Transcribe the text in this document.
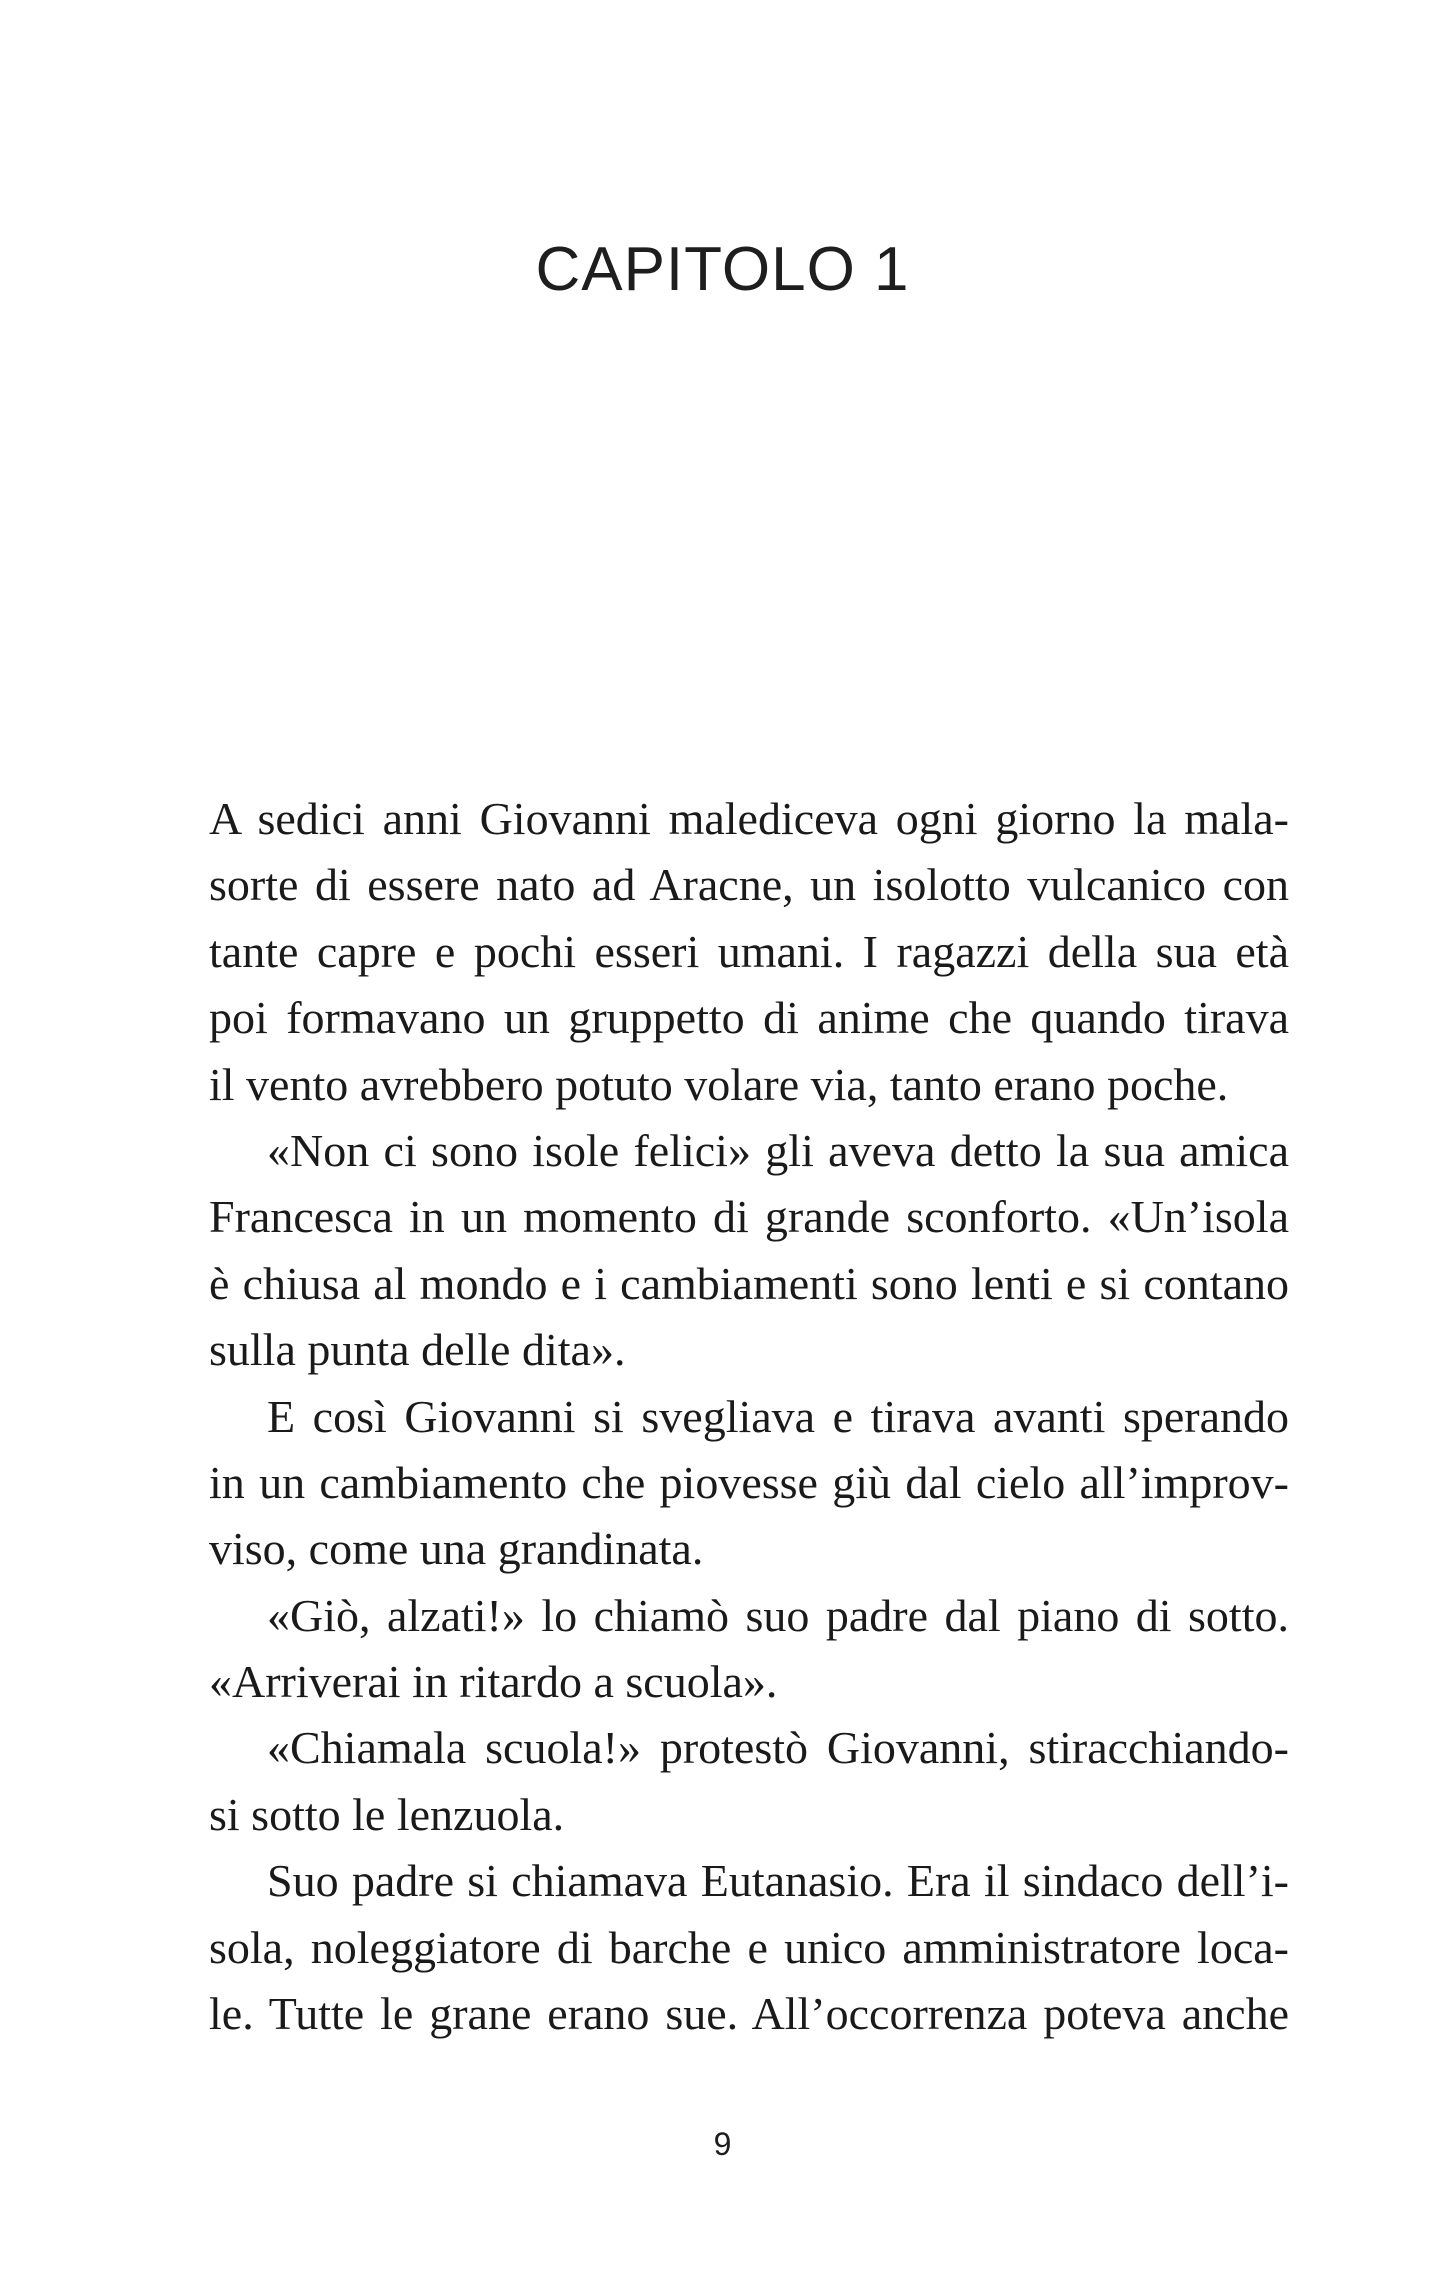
CAPITOLO 1
A sedici anni Giovanni malediceva ogni giorno la mala-
sorte di essere nato ad Aracne, un isolotto vulcanico con
tante capre e pochi esseri umani. I ragazzi della sua età
poi formavano un gruppetto di anime che quando tirava
il vento avrebbero potuto volare via, tanto erano poche.
«Non ci sono isole felici» gli aveva detto la sua amica
Francesca in un momento di grande sconforto. «Un’isola
è chiusa al mondo e i cambiamenti sono lenti e si contano
sulla punta delle dita».
E così Giovanni si svegliava e tirava avanti sperando
in un cambiamento che piovesse giù dal cielo all’improv-
viso, come una grandinata.
«Giò, alzati!» lo chiamò suo padre dal piano di sotto.
«Arriverai in ritardo a scuola».
«Chiamala scuola!» protestò Giovanni, stiracchiando-
si sotto le lenzuola.
Suo padre si chiamava Eutanasio. Era il sindaco dell’i-
sola, noleggiatore di barche e unico amministratore loca-
le. Tutte le grane erano sue. All’occorrenza poteva anche
9
